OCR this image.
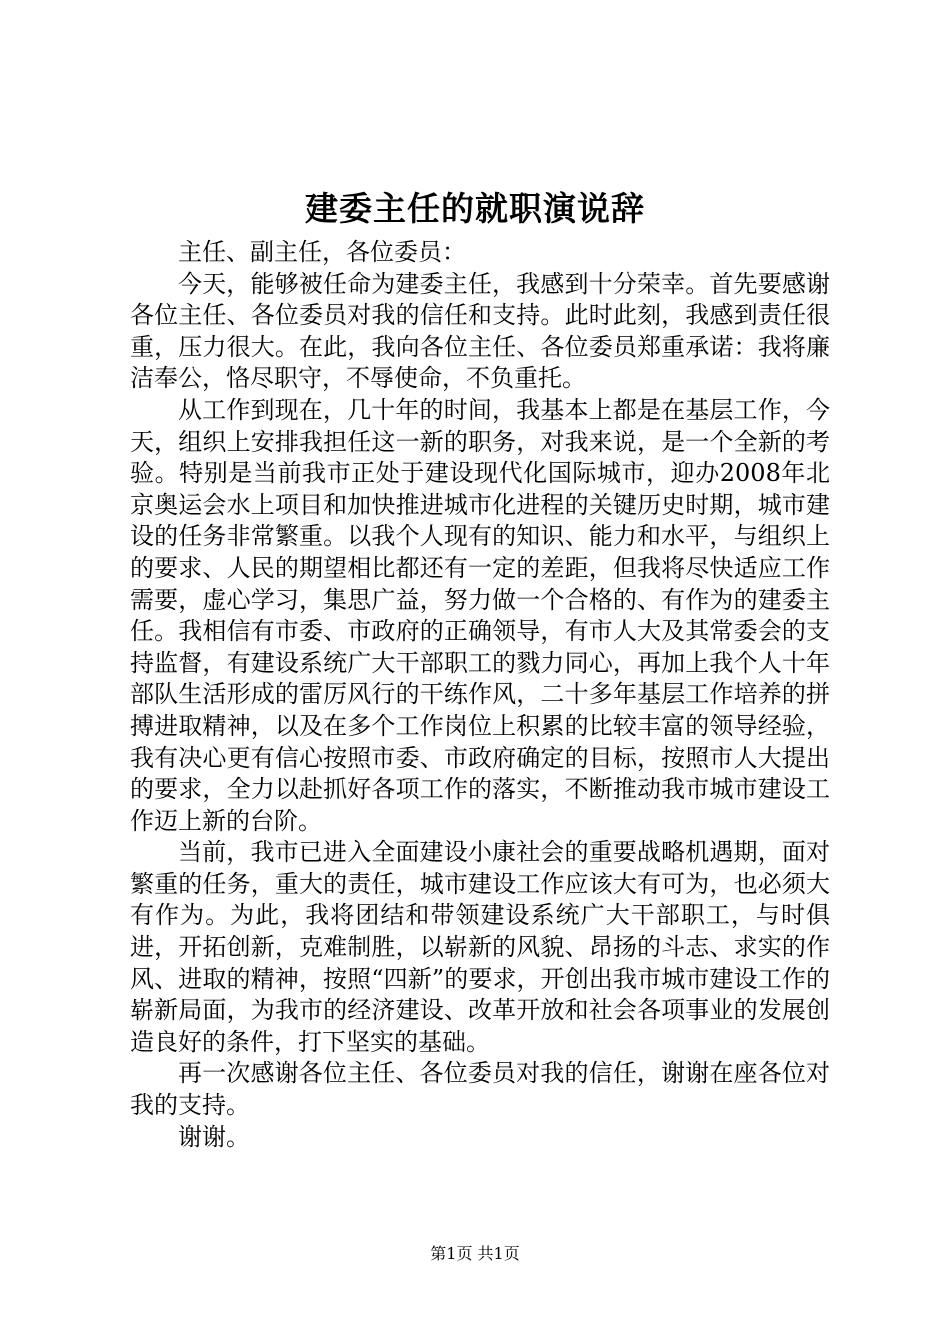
建委主任的就职演说辞

主任、副主任，各位委员：

今天，能够被任命为建委主任，我感到十分荣幸。首先要感谢各位主任、各位委员对我的信任和支持。此时此刻，我感到责任很重，压力很大。在此，我向各位主任、各位委员郑重承诺：我将廉洁奉公，恪尽职守，不辱使命，不负重托。

从工作到现在，几十年的时间，我基本上都是在基层工作，今天，组织上安排我担任这一新的职务，对我来说，是一个全新的考验。特别是当前我市正处于建设现代化国际城市，迎办2008年北京奥运会水上项目和加快推进城市化进程的关键历史时期，城市建设的任务非常繁重。以我个人现有的知识、能力和水平，与组织上的要求、人民的期望相比都还有一定的差距，但我将尽快适应工作需要，虚心学习，集思广益，努力做一个合格的、有作为的建委主任。我相信有市委、市政府的正确领导，有市人大及其常委会的支持监督，有建设系统广大干部职工的戮力同心，再加上我个人十年部队生活形成的雷厉风行的干练作风，二十多年基层工作培养的拼搏进取精神，以及在多个工作岗位上积累的比较丰富的领导经验，我有决心更有信心按照市委、市政府确定的目标，按照市人大提出的要求，全力以赴抓好各项工作的落实，不断推动我市城市建设工作迈上新的台阶。

当前，我市已进入全面建设小康社会的重要战略机遇期，面对繁重的任务，重大的责任，城市建设工作应该大有可为，也必须大有作为。为此，我将团结和带领建设系统广大干部职工，与时俱进，开拓创新，克难制胜，以崭新的风貌、昂扬的斗志、求实的作风、进取的精神，按照“四新”的要求，开创出我市城市建设工作的崭新局面，为我市的经济建设、改革开放和社会各项事业的发展创造良好的条件，打下坚实的基础。

再一次感谢各位主任、各位委员对我的信任，谢谢在座各位对我的支持。

谢谢。

第1页 共1页
